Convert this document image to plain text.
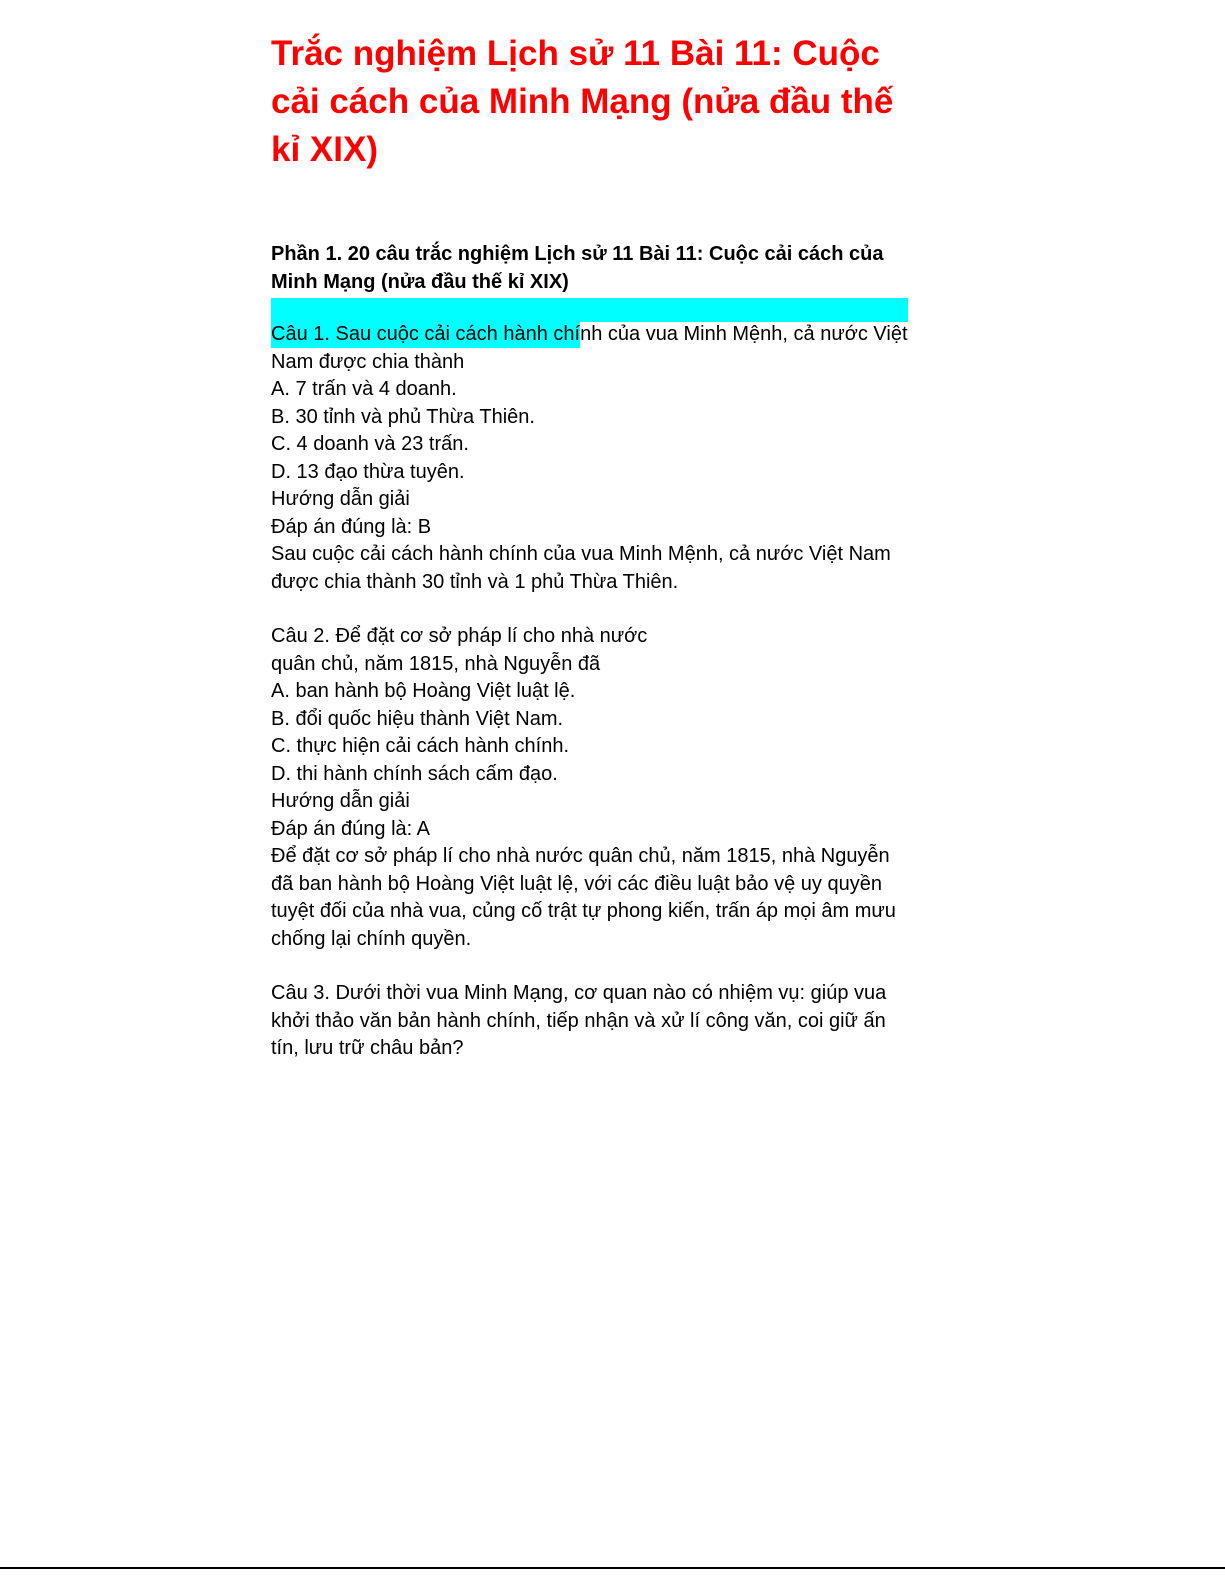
Trắc nghiệm Lịch sử 11 Bài 11: Cuộc cải cách của Minh Mạng (nửa đầu thế kỉ XIX)
Phần 1. 20 câu trắc nghiệm Lịch sử 11 Bài 11: Cuộc cải cách của Minh Mạng (nửa đầu thế kỉ XIX)
Câu 1. Sau cuộc cải cách hành chính của vua Minh Mệnh, cả nước Việt
Nam được chia thành
A. 7 trấn và 4 doanh.
B. 30 tỉnh và phủ Thừa Thiên.
C. 4 doanh và 23 trấn.
D. 13 đạo thừa tuyên.
Hướng dẫn giải
Đáp án đúng là: B
Sau cuộc cải cách hành chính của vua Minh Mệnh, cả nước Việt Nam
được chia thành 30 tỉnh và 1 phủ Thừa Thiên.
Câu 2. Để đặt cơ sở pháp lí cho nhà nước
quân chủ, năm 1815, nhà Nguyễn đã
A. ban hành bộ Hoàng Việt luật lệ.
B. đổi quốc hiệu thành Việt Nam.
C. thực hiện cải cách hành chính.
D. thi hành chính sách cấm đạo.
Hướng dẫn giải
Đáp án đúng là: A
Để đặt cơ sở pháp lí cho nhà nước quân chủ, năm 1815, nhà Nguyễn
đã ban hành bộ Hoàng Việt luật lệ, với các điều luật bảo vệ uy quyền
tuyệt đối của nhà vua, củng cố trật tự phong kiến, trấn áp mọi âm mưu
chống lại chính quyền.
Câu 3. Dưới thời vua Minh Mạng, cơ quan nào có nhiệm vụ: giúp vua
khởi thảo văn bản hành chính, tiếp nhận và xử lí công văn, coi giữ ấn
tín, lưu trữ châu bản?
